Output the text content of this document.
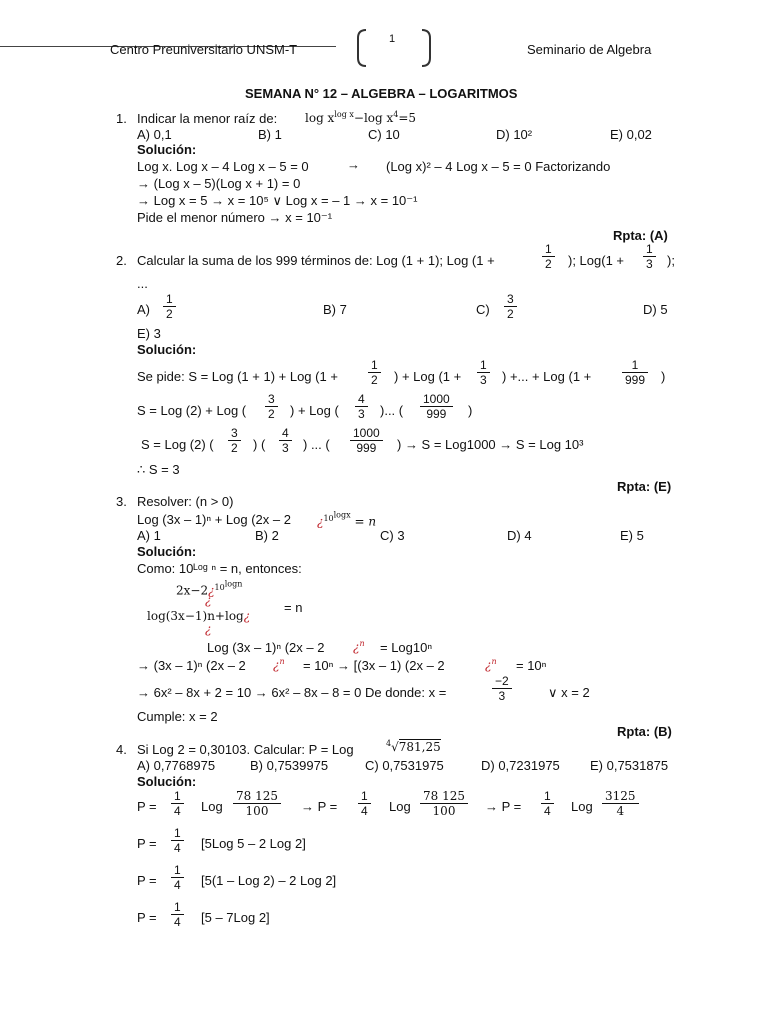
Centro Preuniversitario UNSM-T
1
Seminario de Algebra
SEMANA N° 12 – ALGEBRA – LOGARITMOS
1. Indicar la menor raíz de: $\log x^{log x}-\log$ $x^4=5$
A) 0,1	B) 1	C) 10	D) 10²	E) 0,02
Solución:
Log x. Log x – 4 Log x – 5 = 0	→ (Log x)² – 4 Log x – 5 = 0 Factorizando
→ (Log x – 5)(Log x + 1) = 0
→ Log x = 5 → x = 10⁵ ∨ Log x = – 1 → x = 10⁻¹
Pide el menor número → x = 10⁻¹
Rpta: (A)
2. Calcular la suma de los 999 términos de: Log (1 + 1); Log (1 +
1
2 ); Log(1 +
1
3 );
...
A)
1
2	B) 7	C)
3
2	D) 5
E) 3
Solución:
Se pide: S = Log (1 + 1) + Log (1 +
1
2 ) + Log (1 +
1
3 ) +... + Log (1 +
1
999 )
S = Log (2) + Log (
3
2 ) + Log (
4
3 )... (
1000
999 )
S = Log (2) (
3
2 ) (
4
3 ) ... (
1000
999 ) → S = Log1000 → S = Log 10³
∴ S = 3
Rpta: (E)
3. Resolver: (n > 0)
Log (3x – 1)ⁿ + Log (2x – 2 ¿$^{10^{logx}}$ = n
A) 1	B) 2	C) 3	D) 4	E) 5
Solución:
Como: 10ᴸᵒᵍ ⁿ = n, entonces:
2x−2¿$^{10^{logn}}$
¿
log(3x−1)n+log¿
¿
= n
Log (3x – 1)ⁿ (2x – 2 ¿$^n$ = Log10ⁿ
→ (3x – 1)ⁿ (2x – 2 ¿$^n$ = 10ⁿ → [(3x – 1) (2x – 2	¿$^n$ = 10ⁿ
→ 6x² – 8x + 2 = 10 → 6x² – 8x – 8 = 0 De donde: x =
−2
3	∨ x = 2
Cumple: x = 2
Rpta: (B)
4. Si Log 2 = 0,30103. Calcular: P = Log	$^4$√781,25
A) 0,7768975	B) 0,7539975	C) 0,7531975	D) 0,7231975 E) 0,7531875
Solución:
P =
1
4 Log
78 125
100	→ P =
1
4 Log
78 125
100 → P =
1
4 Log
3125
4
P =
1
4 [5Log 5 – 2 Log 2]
P =
1
4 [5(1 – Log 2) – 2 Log 2]
P =
1
4 [5 – 7Log 2]
